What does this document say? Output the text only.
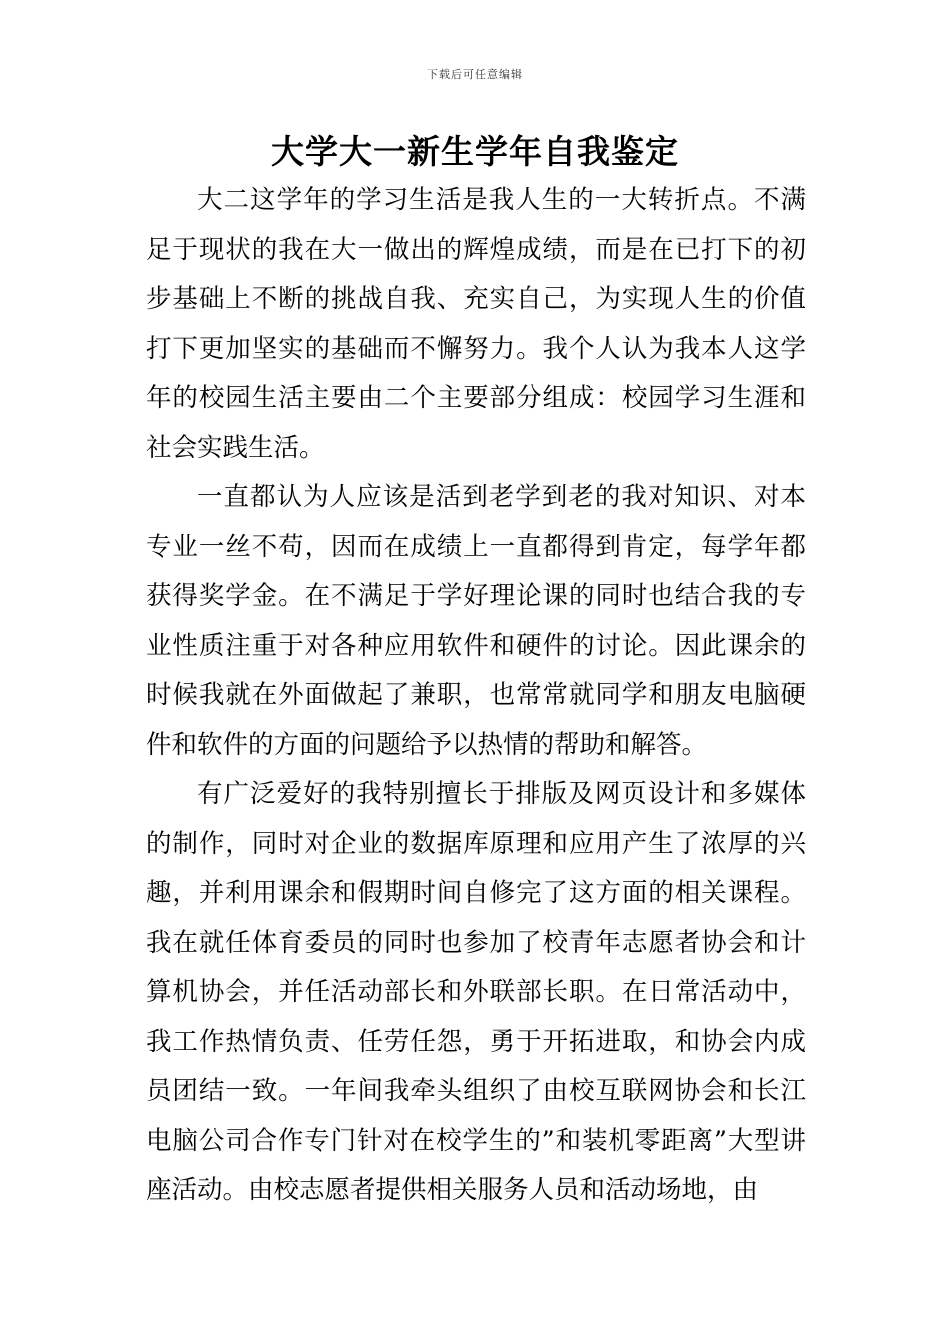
下载后可任意编辑
大学大一新生学年自我鉴定

大二这学年的学习生活是我人生的一大转折点。不满足于现状的我在大一做出的辉煌成绩，而是在已打下的初步基础上不断的挑战自我、充实自己，为实现人生的价值打下更加坚实的基础而不懈努力。我个人认为我本人这学年的校园生活主要由二个主要部分组成：校园学习生涯和社会实践生活。

一直都认为人应该是活到老学到老的我对知识、对本专业一丝不苟，因而在成绩上一直都得到肯定，每学年都获得奖学金。在不满足于学好理论课的同时也结合我的专业性质注重于对各种应用软件和硬件的讨论。因此课余的时候我就在外面做起了兼职，也常常就同学和朋友电脑硬件和软件的方面的问题给予以热情的帮助和解答。

有广泛爱好的我特别擅长于排版及网页设计和多媒体的制作，同时对企业的数据库原理和应用产生了浓厚的兴趣，并利用课余和假期时间自修完了这方面的相关课程。我在就任体育委员的同时也参加了校青年志愿者协会和计算机协会，并任活动部长和外联部长职。在日常活动中，我工作热情负责、任劳任怨，勇于开拓进取，和协会内成员团结一致。一年间我牵头组织了由校互联网协会和长江电脑公司合作专门针对在校学生的”和装机零距离”大型讲座活动。由校志愿者提供相关服务人员和活动场地，由
